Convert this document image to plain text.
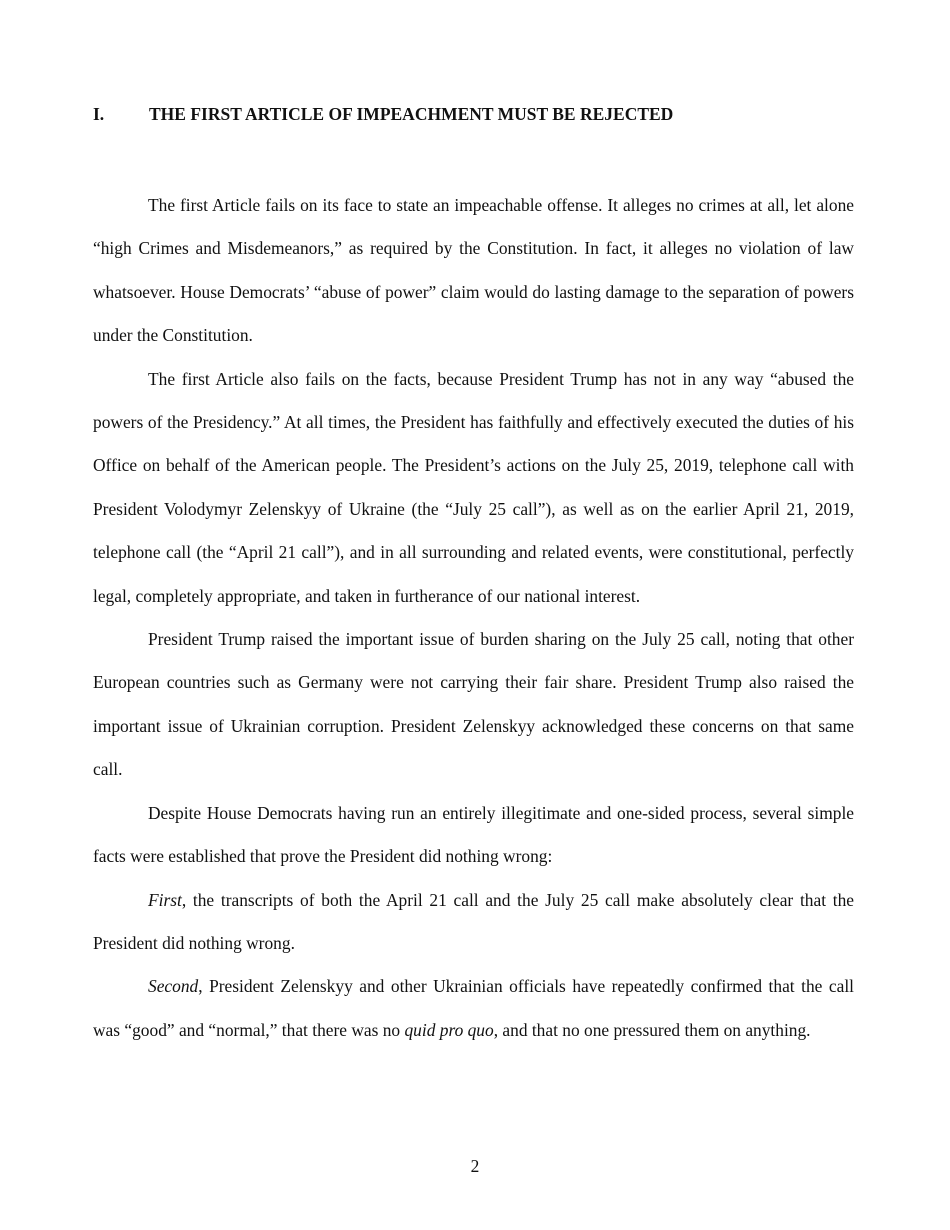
I.	THE FIRST ARTICLE OF IMPEACHMENT MUST BE REJECTED

The first Article fails on its face to state an impeachable offense. It alleges no crimes at all, let alone “high Crimes and Misdemeanors,” as required by the Constitution. In fact, it alleges no violation of law whatsoever. House Democrats’ “abuse of power” claim would do lasting damage to the separation of powers under the Constitution.

The first Article also fails on the facts, because President Trump has not in any way “abused the powers of the Presidency.” At all times, the President has faithfully and effectively executed the duties of his Office on behalf of the American people. The President’s actions on the July 25, 2019, telephone call with President Volodymyr Zelenskyy of Ukraine (the “July 25 call”), as well as on the earlier April 21, 2019, telephone call (the “April 21 call”), and in all surrounding and related events, were constitutional, perfectly legal, completely appropriate, and taken in furtherance of our national interest.

President Trump raised the important issue of burden sharing on the July 25 call, noting that other European countries such as Germany were not carrying their fair share. President Trump also raised the important issue of Ukrainian corruption. President Zelenskyy acknowledged these concerns on that same call.

Despite House Democrats having run an entirely illegitimate and one-sided process, several simple facts were established that prove the President did nothing wrong:

First, the transcripts of both the April 21 call and the July 25 call make absolutely clear that the President did nothing wrong.

Second, President Zelenskyy and other Ukrainian officials have repeatedly confirmed that the call was “good” and “normal,” that there was no quid pro quo, and that no one pressured them on anything.

2
